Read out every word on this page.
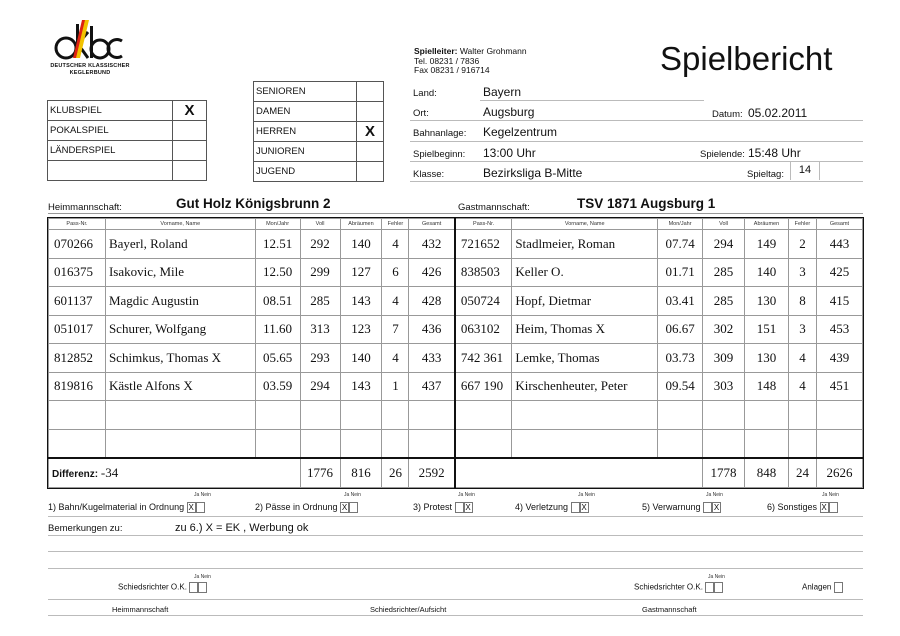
DEUTSCHER KLASSISCHER
KEGLERBUND
Spielleiter: Walter Grohmann
Tel. 08231 / 7836
Fax 08231 / 916714	Spielbericht
KLUBSPIEL	X
POKALSPIEL	
LÄNDERSPIEL	

SENIOREN	
DAMEN	
HERREN	X
JUNIOREN	
JUGEND	
Land:	Bayern
Ort:	Augsburg	Datum: 05.02.2011
Bahnanlage: Kegelzentrum
Spielbeginn: 13:00 Uhr	Spielende: 15:48 Uhr
Klasse:	Bezirksliga B-Mitte	Spieltag:	14
Heimmannschaft:	Gut Holz Königsbrunn 2	Gastmannschaft:	TSV 1871 Augsburg 1
Pass-Nr.	Vorname, Name	Mon/Jahr	Voll	Abräumen	Fehler	Gesamt	Pass-Nr.	Vorname, Name	Mon/Jahr	Voll	Abräumen	Fehler	Gesamt
070266	Bayerl, Roland	12.51	292	140	4	432	721652	Stadlmeier, Roman	07.74	294	149	2	443
016375	Isakovic, Mile	12.50	299	127	6	426	838503	Keller O.	01.71	285	140	3	425
601137	Magdic Augustin	08.51	285	143	4	428	050724	Hopf, Dietmar	03.41	285	130	8	415
051017	Schurer, Wolfgang	11.60	313	123	7	436	063102	Heim, Thomas X	06.67	302	151	3	453
812852	Schimkus, Thomas X	05.65	293	140	4	433	742 361	Lemke, Thomas	03.73	309	130	4	439
819816	Kästle Alfons X	03.59	294	143	1	437	667 190	Kirschenheuter, Peter	09.54	303	148	4	451

Differenz: -34			1776	816	26	2592				1778	848	24	2626
Ja Nein
1) Bahn/Kugelmaterial in Ordnung X
Ja Nein
2) Pässe in Ordnung X
Ja Nein
3) Protest X
Ja Nein
4) Verletzung X
Ja Nein
5) Verwarnung X
Ja Nein
6) Sonstiges X
Bemerkungen zu:	zu 6.) X = EK , Werbung ok
Ja Nein
Schiedsrichter O.K.
Ja Nein
Schiedsrichter O.K.	Anlagen
Heimmannschaft	Schiedsrichter/Aufsicht	Gastmannschaft
